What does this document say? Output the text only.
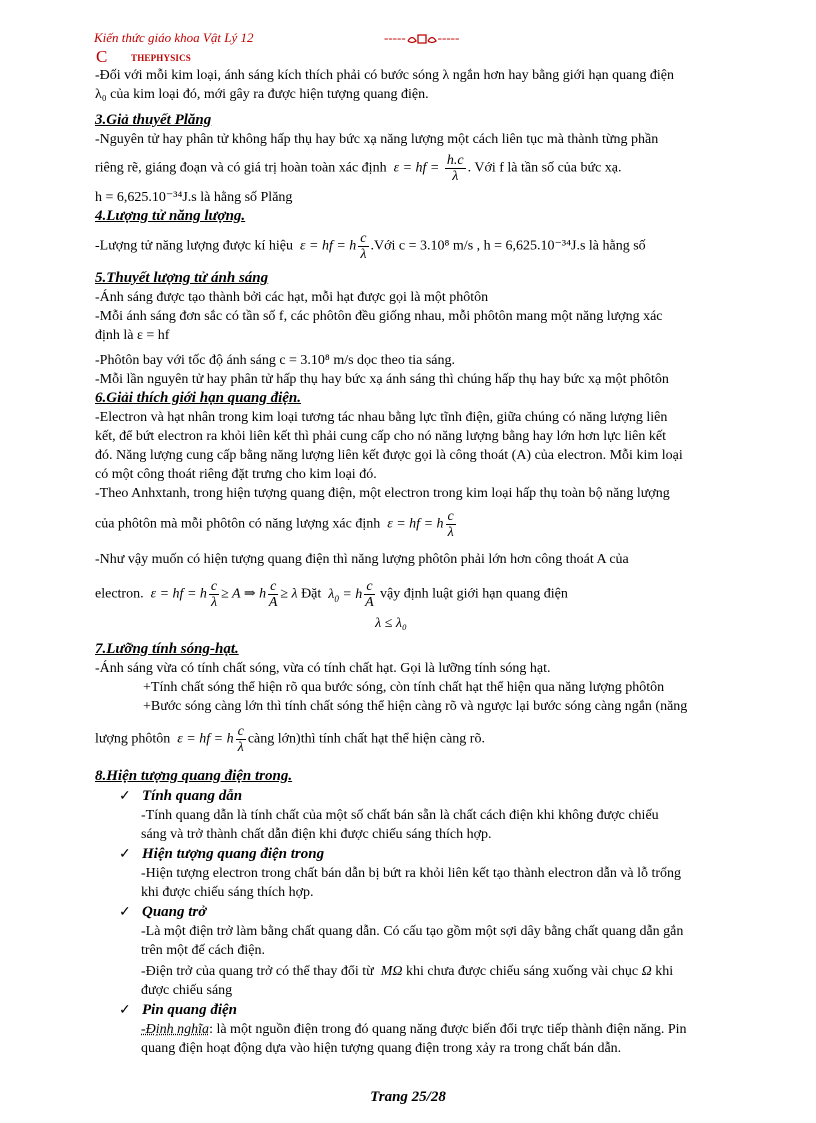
Kiến thức giáo khoa Vật Lý 12	----- -----
C	THEPHYSICS

-Đối với mỗi kim loại, ánh sáng kích thích phải có bước sóng λ ngắn hơn hay bằng giới hạn quang điện

λ₀ của kim loại đó, mới gây ra được hiện tượng quang điện.

3.Giả thuyết Plăng

-Nguyên tử hay phân tử không hấp thụ hay bức xạ năng lượng một cách liên tục mà thành từng phần

riêng rẽ, giáng đoạn và có giá trị hoàn toàn xác định  ε = hf = $\frac{h.c}{\lambda}$ . Với f là tần số của bức xạ.

h = 6,625.10⁻³⁴J.s là hằng số Plăng

4.Lượng tử năng lượng.

-Lượng tử năng lượng được kí hiệu  ε = hf = h $\frac{c}{\lambda}$ .Với c = 3.10⁸ m/s , h = 6,625.10⁻³⁴J.s là hằng số

5.Thuyết lượng tử ánh sáng

-Ánh sáng được tạo thành bởi các hạt, mỗi hạt được gọi là một phôtôn

-Mỗi ánh sáng đơn sắc có tần số f, các phôtôn đều giống nhau, mỗi phôtôn mang một năng lượng xác

định là ε = hf

-Phôtôn bay với tốc độ ánh sáng c = 3.10⁸ m/s dọc theo tia sáng.

-Mỗi lần nguyên tử hay phân tử hấp thụ hay bức xạ ánh sáng thì chúng hấp thụ hay bức xạ một phôtôn

6.Giải thích giới hạn quang điện.

-Electron và hạt nhân trong kim loại tương tác nhau bằng lực tĩnh điện, giữa chúng có năng lượng liên

kết, để bứt electron ra khỏi liên kết thì phải cung cấp cho nó năng lượng bằng hay lớn hơn lực liên kết

đó. Năng lượng cung cấp bằng năng lượng liên kết được gọi là công thoát (A) của electron. Mỗi kim loại

có một công thoát riêng đặt trưng cho kim loại đó.

-Theo Anhxtanh, trong hiện tượng quang điện, một electron trong kim loại hấp thụ toàn bộ năng lượng

của phôtôn mà mỗi phôtôn có năng lượng xác định  ε = hf = h $\frac{c}{\lambda}$

-Như vậy muốn có hiện tượng quang điện thì năng lượng phôtôn phải lớn hơn công thoát A của

electron.  ε = hf = h $\frac{c}{\lambda} \ge A$ ⇒ h $\frac{c}{A} \ge \lambda$ Đặt  $\lambda_0 = h \frac{c}{A}$ vậy định luật giới hạn quang điện

λ ≤ λ₀

7.Lưỡng tính sóng-hạt.

-Ánh sáng vừa có tính chất sóng, vừa có tính chất hạt. Gọi là lưỡng tính sóng hạt.

+Tính chất sóng thể hiện rõ qua bước sóng, còn tính chất hạt thể hiện qua năng lượng phôtôn

+Bước sóng càng lớn thì tính chất sóng thể hiện càng rõ và ngược lại bước sóng càng ngắn (năng

lượng phôtôn  ε = hf = h $\frac{c}{\lambda}$ càng lớn)thì tính chất hạt thể hiện càng rõ.

8.Hiện tượng quang điện trong.

✓ Tính quang dẫn

-Tính quang dẫn là tính chất của một số chất bán sẵn là chất cách điện khi không được chiếu

sáng và trở thành chất dẫn điện khi được chiếu sáng thích hợp.

✓ Hiện tượng quang điện trong

-Hiện tượng electron trong chất bán dẫn bị bứt ra khỏi liên kết tạo thành electron dẫn và lỗ trống

khi được chiếu sáng thích hợp.

✓ Quang trở

-Là một điện trở làm bằng chất quang dẫn. Có cấu tạo gồm một sợi dây bằng chất quang dẫn gắn

trên một đế cách điện.

-Điện trở của quang trở có thể thay đổi từ  MΩ khi chưa được chiếu sáng xuống vài chục Ω khi

được chiếu sáng

✓ Pin quang điện

-Định nghĩa: là một nguồn điện trong đó quang năng được biến đổi trực tiếp thành điện năng. Pin

quang điện hoạt động dựa vào hiện tượng quang điện trong xảy ra trong chất bán dẫn.

Trang 25/28
